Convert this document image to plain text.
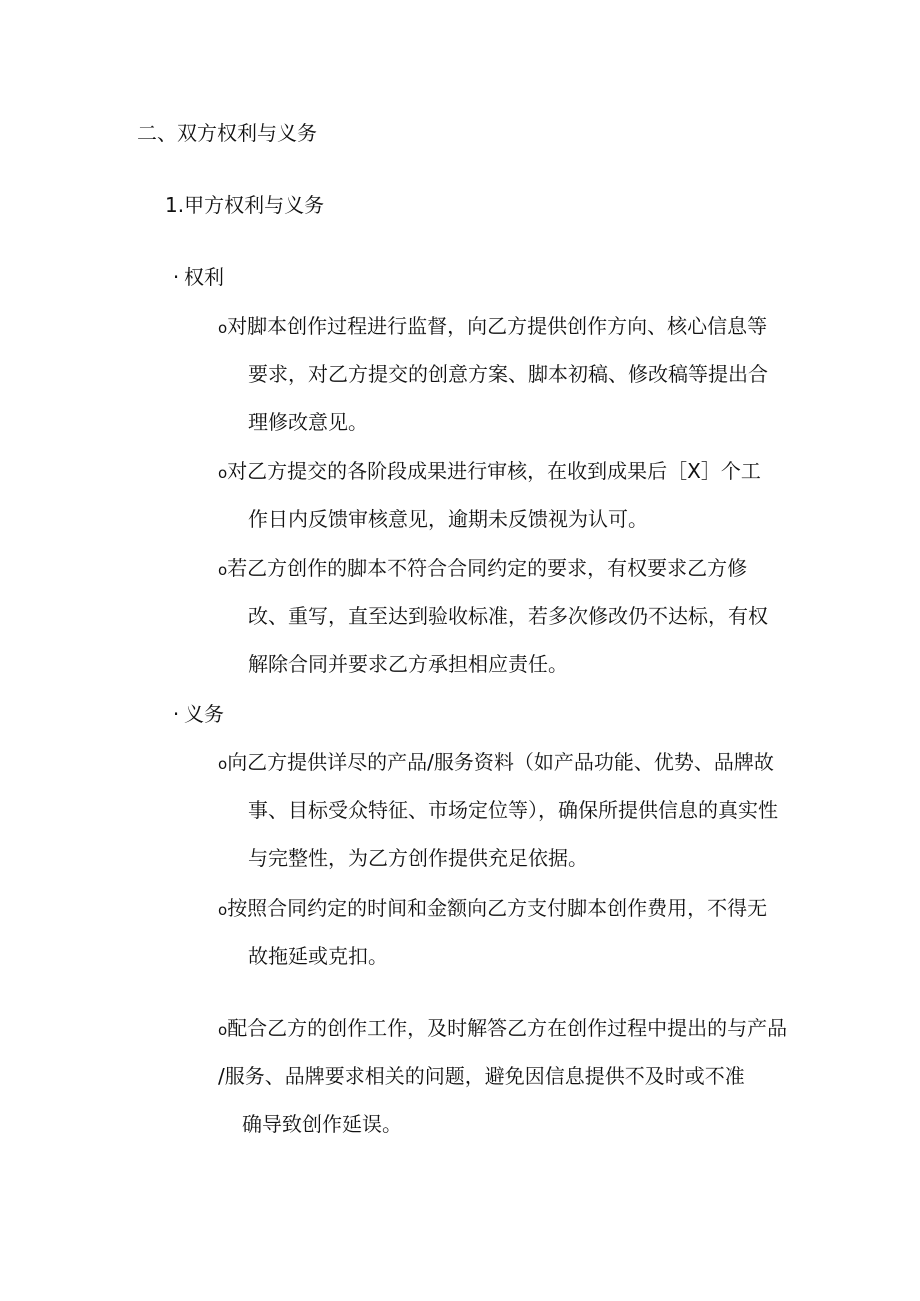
二、双方权利与义务
1.甲方权利与义务
· 权利
o对脚本创作过程进行监督，向乙方提供创作方向、核心信息等
要求，对乙方提交的创意方案、脚本初稿、修改稿等提出合
理修改意见。
o对乙方提交的各阶段成果进行审核，在收到成果后［X］个工
作日内反馈审核意见，逾期未反馈视为认可。
o若乙方创作的脚本不符合合同约定的要求，有权要求乙方修
改、重写，直至达到验收标准，若多次修改仍不达标，有权
解除合同并要求乙方承担相应责任。
· 义务
o向乙方提供详尽的产品/服务资料（如产品功能、优势、品牌故
事、目标受众特征、市场定位等），确保所提供信息的真实性
与完整性，为乙方创作提供充足依据。
o按照合同约定的时间和金额向乙方支付脚本创作费用，不得无
故拖延或克扣。
o配合乙方的创作工作，及时解答乙方在创作过程中提出的与产品
/服务、品牌要求相关的问题，避免因信息提供不及时或不准
确导致创作延误。
